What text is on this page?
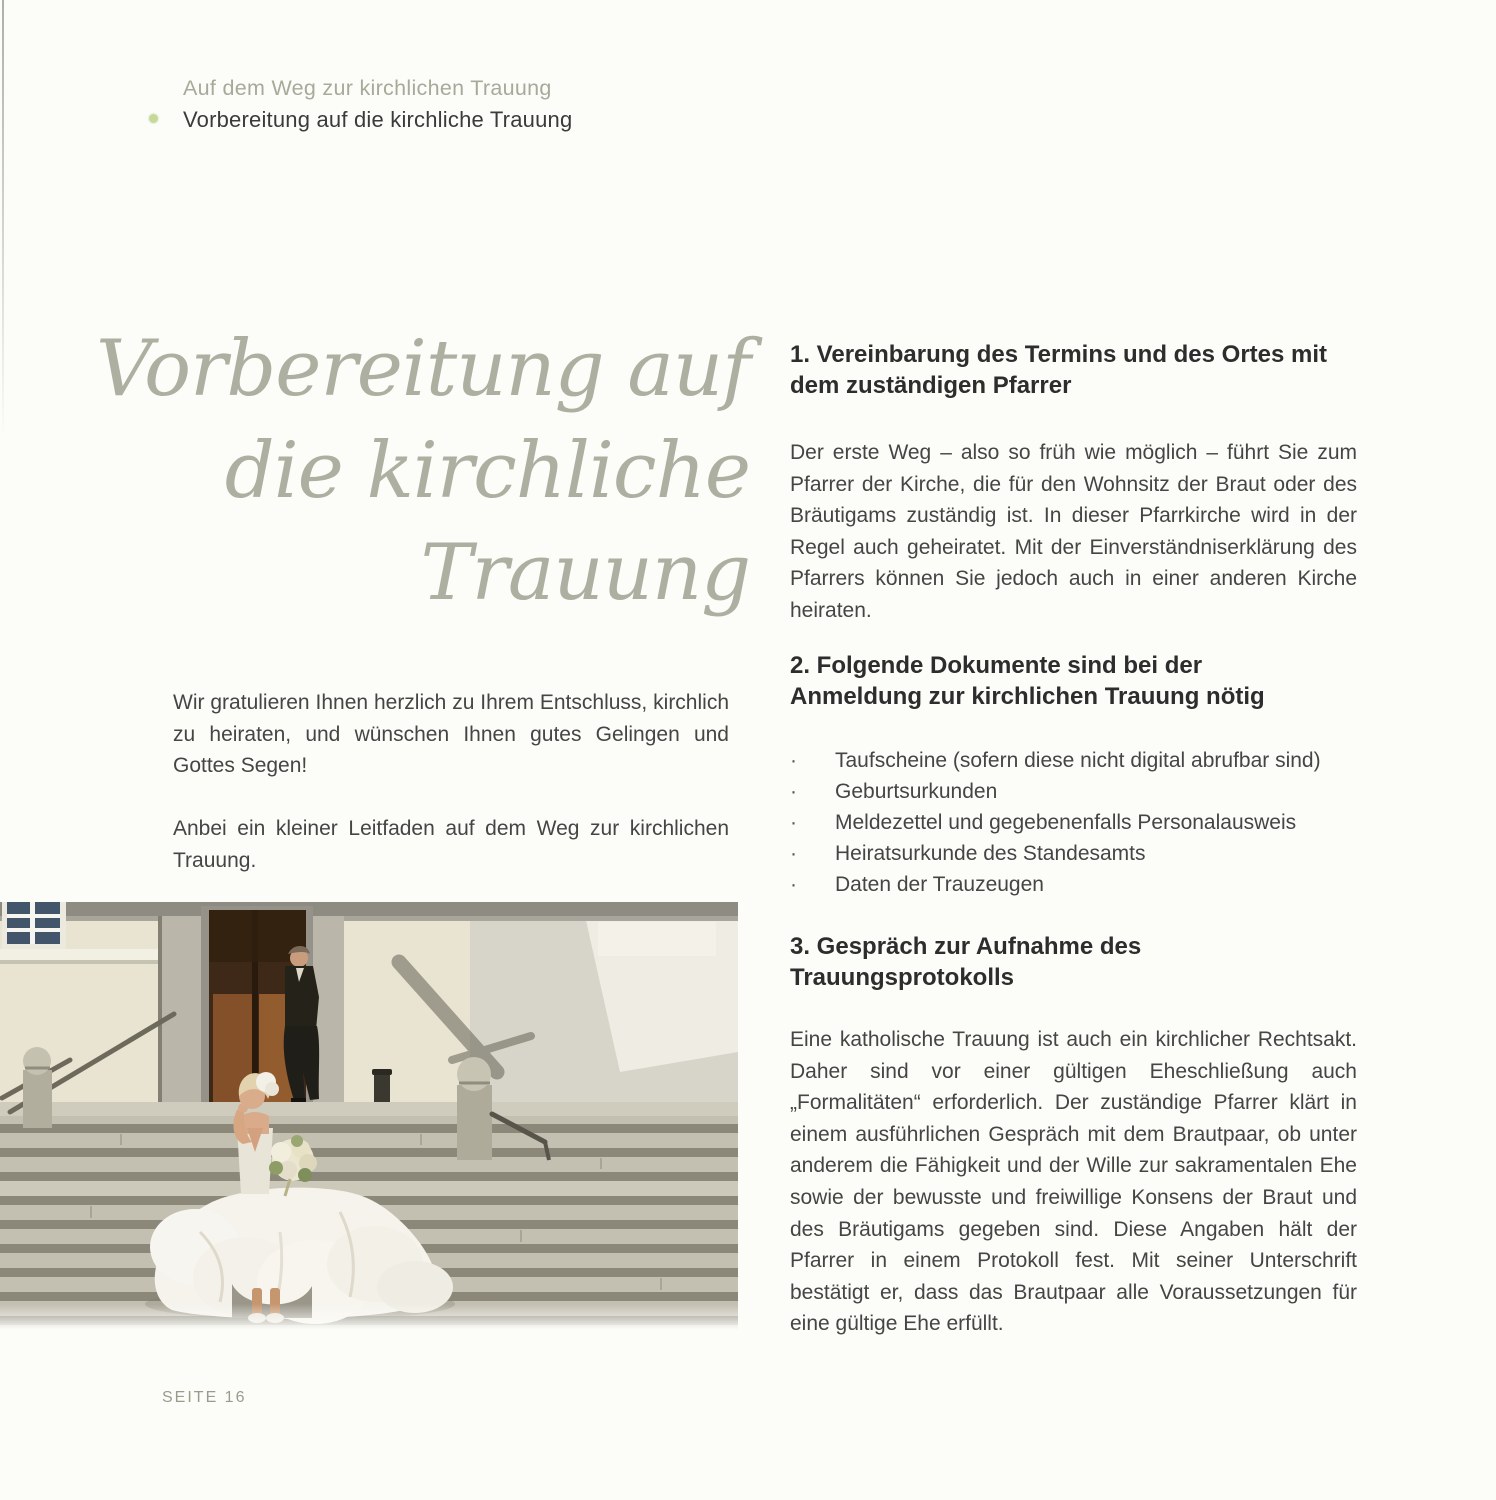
Auf dem Weg zur kirchlichen Trauung
Vorbereitung auf die kirchliche Trauung
Vorbereitung auf
die kirchliche
Trauung

Wir gratulieren Ihnen herzlich zu Ihrem Entschluss, kirchlich zu heiraten, und wünschen Ihnen gutes Gelingen und Gottes Segen!

Anbei ein kleiner Leitfaden auf dem Weg zur kirchlichen Trauung.

1. Vereinbarung des Termins und des Ortes mit
dem zuständigen Pfarrer
Der erste Weg – also so früh wie möglich – führt Sie zum Pfarrer der Kirche, die für den Wohnsitz der Braut oder des Bräutigams zuständig ist. In dieser Pfarrkirche wird in der Regel auch geheiratet. Mit der Einverständniserklärung des Pfarrers können Sie jedoch auch in einer anderen Kirche heiraten.
2. Folgende Dokumente sind bei der
Anmeldung zur kirchlichen Trauung nötig
·	Taufscheine (sofern diese nicht digital abrufbar sind)
·	Geburtsurkunden
·	Meldezettel und gegebenenfalls Personalausweis
·	Heiratsurkunde des Standesamts
·	Daten der Trauzeugen
3. Gespräch zur Aufnahme des
Trauungsprotokolls
Eine katholische Trauung ist auch ein kirchlicher Rechtsakt. Daher sind vor einer gültigen Eheschließung auch „Formalitäten“ erforderlich. Der zuständige Pfarrer klärt in einem ausführlichen Gespräch mit dem Brautpaar, ob unter anderem die Fähigkeit und der Wille zur sakramentalen Ehe sowie der bewusste und freiwillige Konsens der Braut und des Bräutigams gegeben sind. Diese Angaben hält der Pfarrer in einem Protokoll fest. Mit seiner Unterschrift bestätigt er, dass das Brautpaar alle Voraussetzungen für eine gültige Ehe erfüllt.
SEITE 16
